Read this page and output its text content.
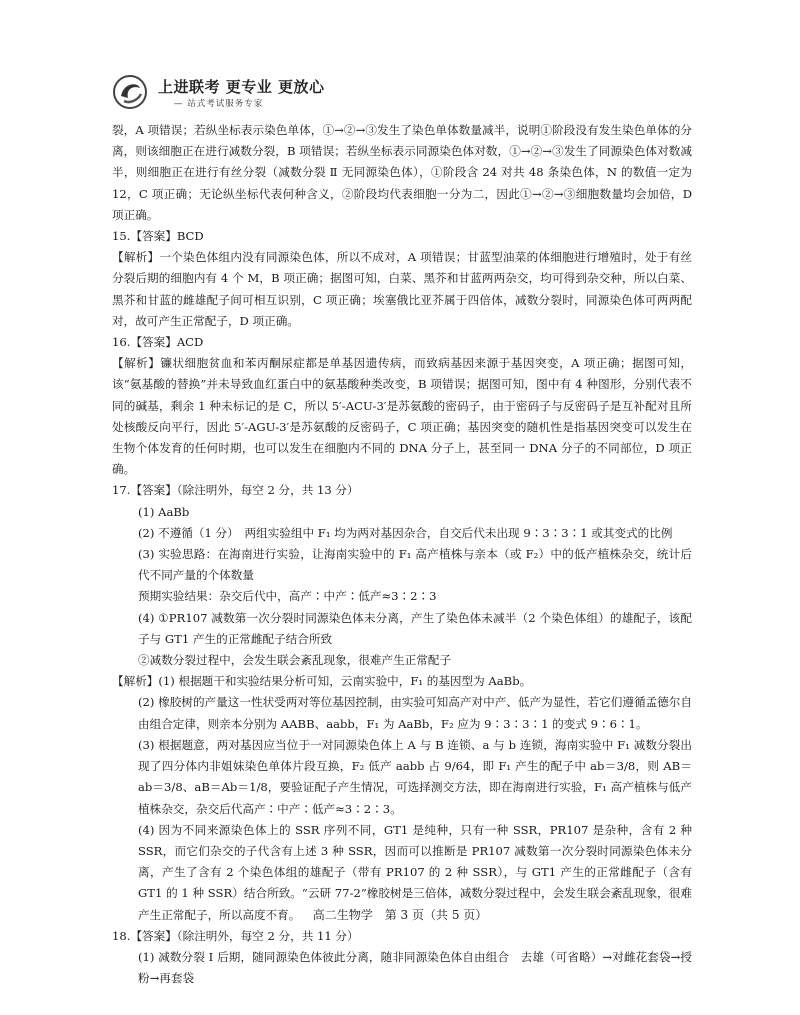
上进联考 更专业 更放心
— 站式考试服务专家

裂，A 项错误；若纵坐标表示染色单体，①→②→③发生了染色单体数量减半，说明①阶段没有发生染色单体的分离，则该细胞正在进行减数分裂，B 项错误；若纵坐标表示同源染色体对数，①→②→③发生了同源染色体对数减半，则细胞正在进行有丝分裂（减数分裂 Ⅱ 无同源染色体），①阶段含 24 对共 48 条染色体，N 的数值一定为 12，C 项正确；无论纵坐标代表何种含义，②阶段均代表细胞一分为二，因此①→②→③细胞数量均会加倍，D 项正确。

15.【答案】BCD

【解析】一个染色体组内没有同源染色体，所以不成对，A 项错误；甘蓝型油菜的体细胞进行增殖时，处于有丝分裂后期的细胞内有 4 个 M，B 项正确；据图可知，白菜、黑芥和甘蓝两两杂交，均可得到杂交种，所以白菜、黑芥和甘蓝的雌雄配子间可相互识别，C 项正确；埃塞俄比亚芥属于四倍体，减数分裂时，同源染色体可两两配对，故可产生正常配子，D 项正确。

16.【答案】ACD

【解析】镰状细胞贫血和苯丙酮尿症都是单基因遗传病，而致病基因来源于基因突变，A 项正确；据图可知，该“氨基酸的替换”并未导致血红蛋白中的氨基酸种类改变，B 项错误；据图可知，图中有 4 种图形，分别代表不同的碱基，剩余 1 种未标记的是 C，所以 5′-ACU-3′是苏氨酸的密码子，由于密码子与反密码子是互补配对且所处核酸反向平行，因此 5′-AGU-3′是苏氨酸的反密码子，C 项正确；基因突变的随机性是指基因突变可以发生在生物个体发育的任何时期，也可以发生在细胞内不同的 DNA 分子上，甚至同一 DNA 分子的不同部位，D 项正确。

17.【答案】（除注明外，每空 2 分，共 13 分）

(1) AaBb

(2) 不遵循（1 分）　两组实验组中 F₁ 均为两对基因杂合，自交后代未出现 9∶3∶3∶1 或其变式的比例

(3) 实验思路：在海南进行实验，让海南实验中的 F₁ 高产植株与亲本（或 F₂）中的低产植株杂交，统计后代不同产量的个体数量

预期实验结果：杂交后代中，高产∶中产∶低产≈3∶2∶3

(4) ①PR107 减数第一次分裂时同源染色体未分离，产生了染色体未减半（2 个染色体组）的雄配子，该配子与 GT1 产生的正常雌配子结合所致

②减数分裂过程中，会发生联会紊乱现象，很难产生正常配子

【解析】(1) 根据题干和实验结果分析可知，云南实验中，F₁ 的基因型为 AaBb。

(2) 橡胶树的产量这一性状受两对等位基因控制，由实验可知高产对中产、低产为显性，若它们遵循孟德尔自由组合定律，则亲本分别为 AABB、aabb，F₁ 为 AaBb，F₂ 应为 9∶3∶3∶1 的变式 9∶6∶1。

(3) 根据题意，两对基因应当位于一对同源染色体上 A 与 B 连锁、a 与 b 连锁，海南实验中 F₁ 减数分裂出现了四分体内非姐妹染色单体片段互换，F₂ 低产 aabb 占 9/64，即 F₁ 产生的配子中 ab＝3/8，则 AB＝ab＝3/8、aB＝Ab＝1/8，要验证配子产生情况，可选择测交方法，即在海南进行实验，F₁ 高产植株与低产植株杂交，杂交后代高产∶中产∶低产≈3∶2∶3。

(4) 因为不同来源染色体上的 SSR 序列不同，GT1 是纯种，只有一种 SSR，PR107 是杂种，含有 2 种 SSR，而它们杂交的子代含有上述 3 种 SSR，因而可以推断是 PR107 减数第一次分裂时同源染色体未分离，产生了含有 2 个染色体组的雄配子（带有 PR107 的 2 种 SSR），与 GT1 产生的正常雌配子（含有 GT1 的 1 种 SSR）结合所致。“云研 77-2”橡胶树是三倍体，减数分裂过程中，会发生联会紊乱现象，很难产生正常配子，所以高度不育。

18.【答案】（除注明外，每空 2 分，共 11 分）

(1) 减数分裂 Ⅰ 后期，随同源染色体彼此分离，随非同源染色体自由组合　去雄（可省略）→对雌花套袋→授粉→再套袋

高二生物学　第 3 页（共 5 页）
